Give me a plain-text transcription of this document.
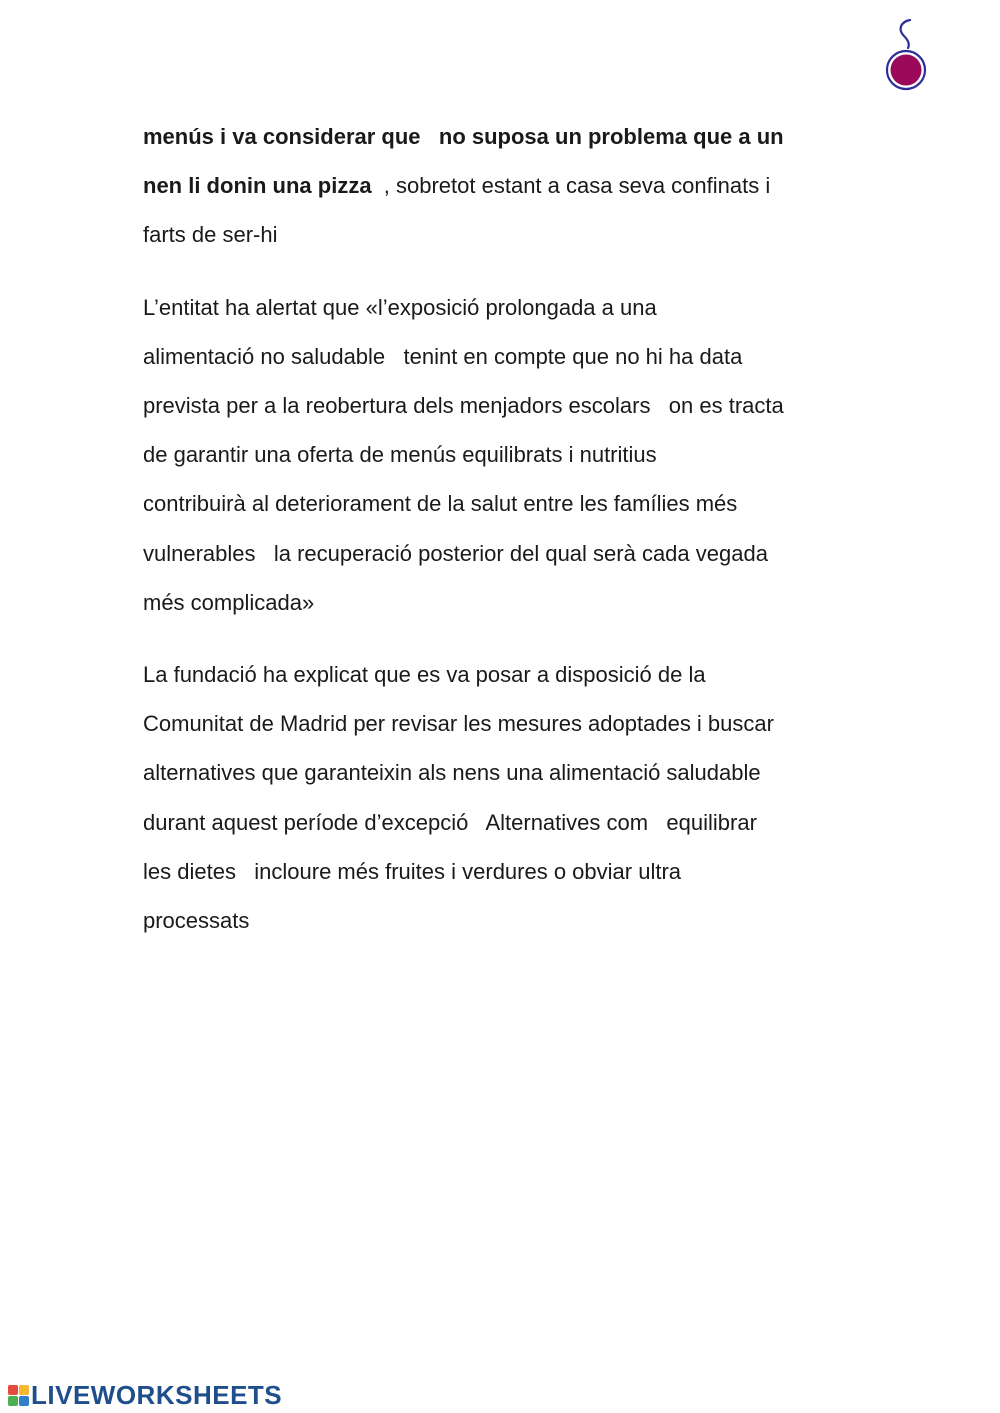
menús i va considerar que   no suposa un problema que a un
nen li donin una pizza  , sobretot estant a casa seva confinats i
farts de ser-hi
L’entitat ha alertat que «l’exposició prolongada a una
alimentació no saludable   tenint en compte que no hi ha data
prevista per a la reobertura dels menjadors escolars   on es tracta
de garantir una oferta de menús equilibrats i nutritius
contribuirà al deteriorament de la salut entre les famílies més
vulnerables   la recuperació posterior del qual serà cada vegada
més complicada»
La fundació ha explicat que es va posar a disposició de la
Comunitat de Madrid per revisar les mesures adoptades i buscar
alternatives que garanteixin als nens una alimentació saludable
durant aquest període d’excepció   Alternatives com   equilibrar
les dietes   incloure més fruites i verdures o obviar ultra
processats
LIVEWORKSHEETS
